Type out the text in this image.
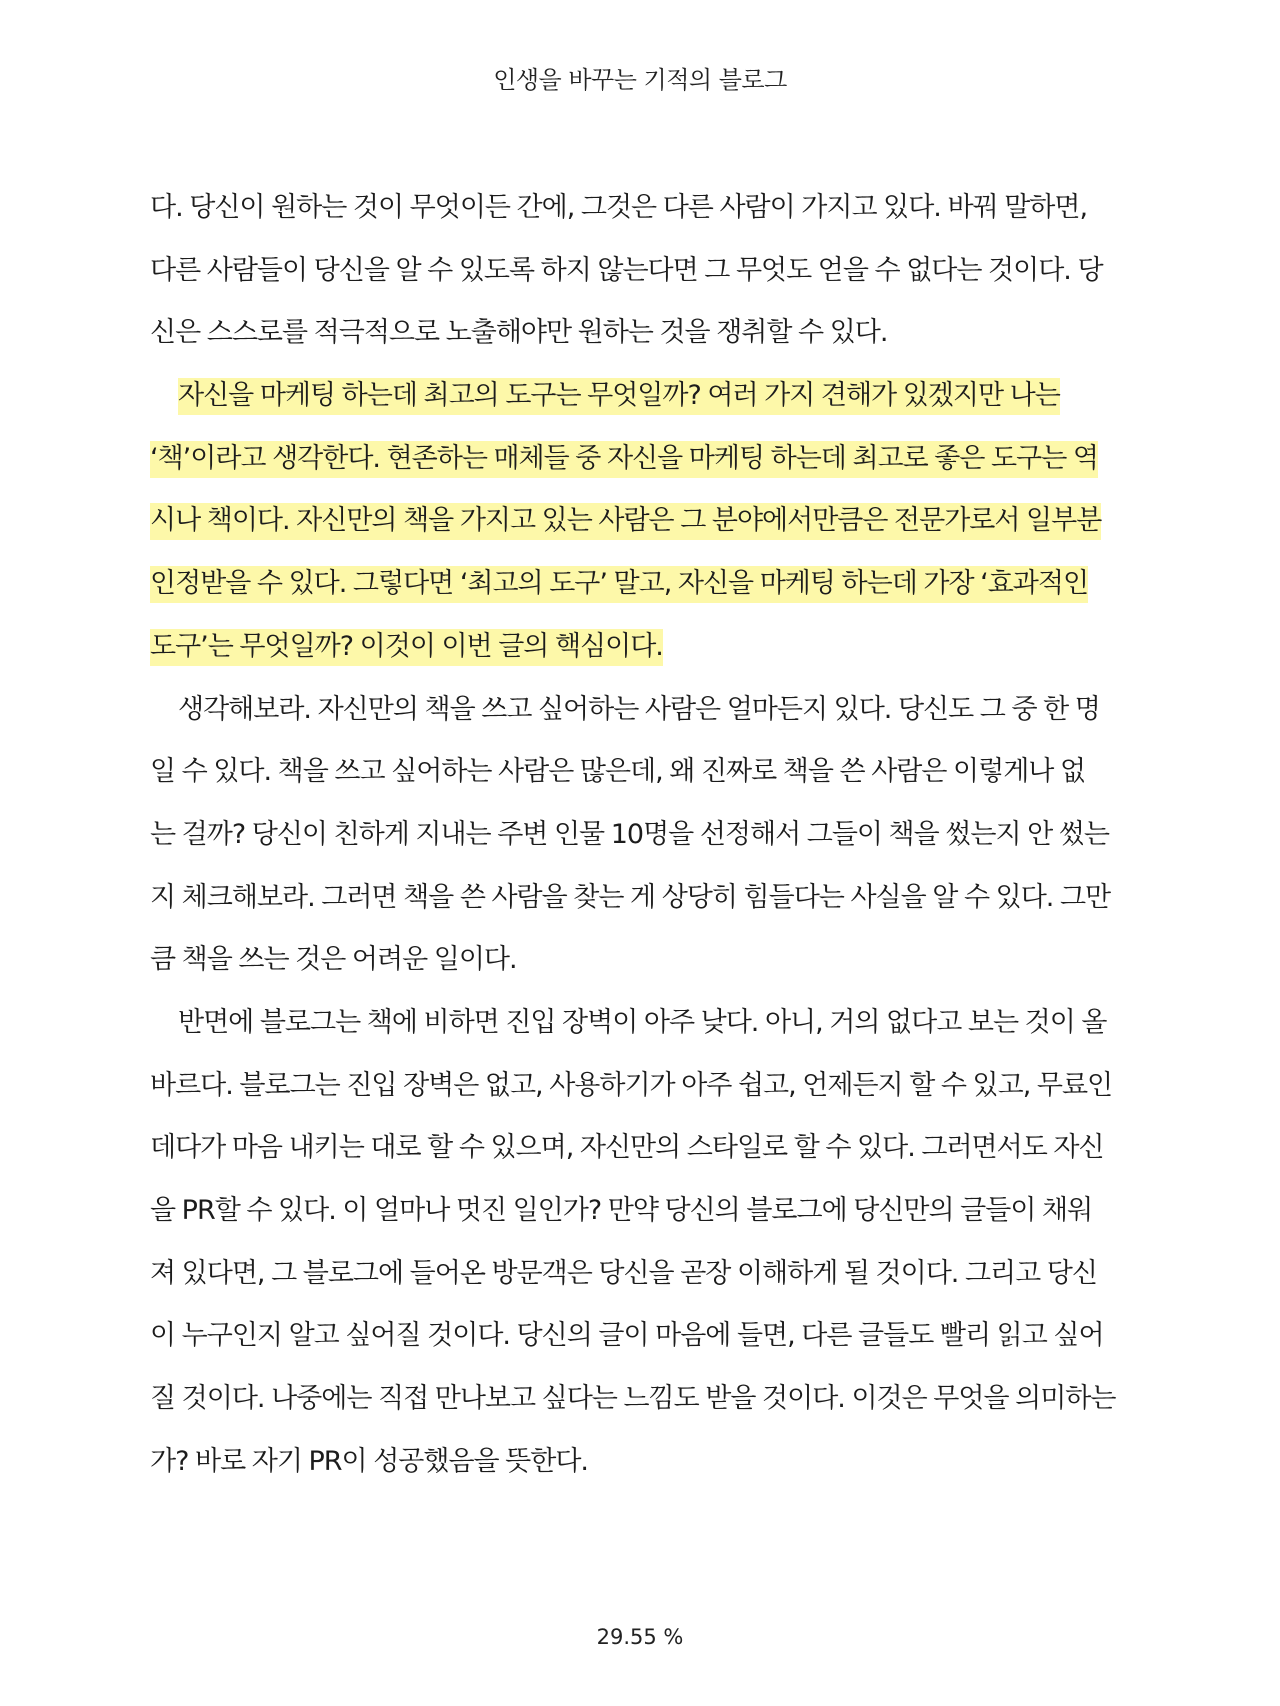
인생을 바꾸는 기적의 블로그
다. 당신이 원하는 것이 무엇이든 간에, 그것은 다른 사람이 가지고 있다. 바꿔 말하면,
다른 사람들이 당신을 알 수 있도록 하지 않는다면 그 무엇도 얻을 수 없다는 것이다. 당
신은 스스로를 적극적으로 노출해야만 원하는 것을 쟁취할 수 있다.
자신을 마케팅 하는데 최고의 도구는 무엇일까? 여러 가지 견해가 있겠지만 나는
‘책’이라고 생각한다. 현존하는 매체들 중 자신을 마케팅 하는데 최고로 좋은 도구는 역
시나 책이다. 자신만의 책을 가지고 있는 사람은 그 분야에서만큼은 전문가로서 일부분
인정받을 수 있다. 그렇다면 ‘최고의 도구’ 말고, 자신을 마케팅 하는데 가장 ‘효과적인
도구’는 무엇일까? 이것이 이번 글의 핵심이다.
생각해보라. 자신만의 책을 쓰고 싶어하는 사람은 얼마든지 있다. 당신도 그 중 한 명
일 수 있다. 책을 쓰고 싶어하는 사람은 많은데, 왜 진짜로 책을 쓴 사람은 이렇게나 없
는 걸까? 당신이 친하게 지내는 주변 인물 10명을 선정해서 그들이 책을 썼는지 안 썼는
지 체크해보라. 그러면 책을 쓴 사람을 찾는 게 상당히 힘들다는 사실을 알 수 있다. 그만
큼 책을 쓰는 것은 어려운 일이다.
반면에 블로그는 책에 비하면 진입 장벽이 아주 낮다. 아니, 거의 없다고 보는 것이 올
바르다. 블로그는 진입 장벽은 없고, 사용하기가 아주 쉽고, 언제든지 할 수 있고, 무료인
데다가 마음 내키는 대로 할 수 있으며, 자신만의 스타일로 할 수 있다. 그러면서도 자신
을 PR할 수 있다. 이 얼마나 멋진 일인가? 만약 당신의 블로그에 당신만의 글들이 채워
져 있다면, 그 블로그에 들어온 방문객은 당신을 곧장 이해하게 될 것이다. 그리고 당신
이 누구인지 알고 싶어질 것이다. 당신의 글이 마음에 들면, 다른 글들도 빨리 읽고 싶어
질 것이다. 나중에는 직접 만나보고 싶다는 느낌도 받을 것이다. 이것은 무엇을 의미하는
가? 바로 자기 PR이 성공했음을 뜻한다.
29.55 %
